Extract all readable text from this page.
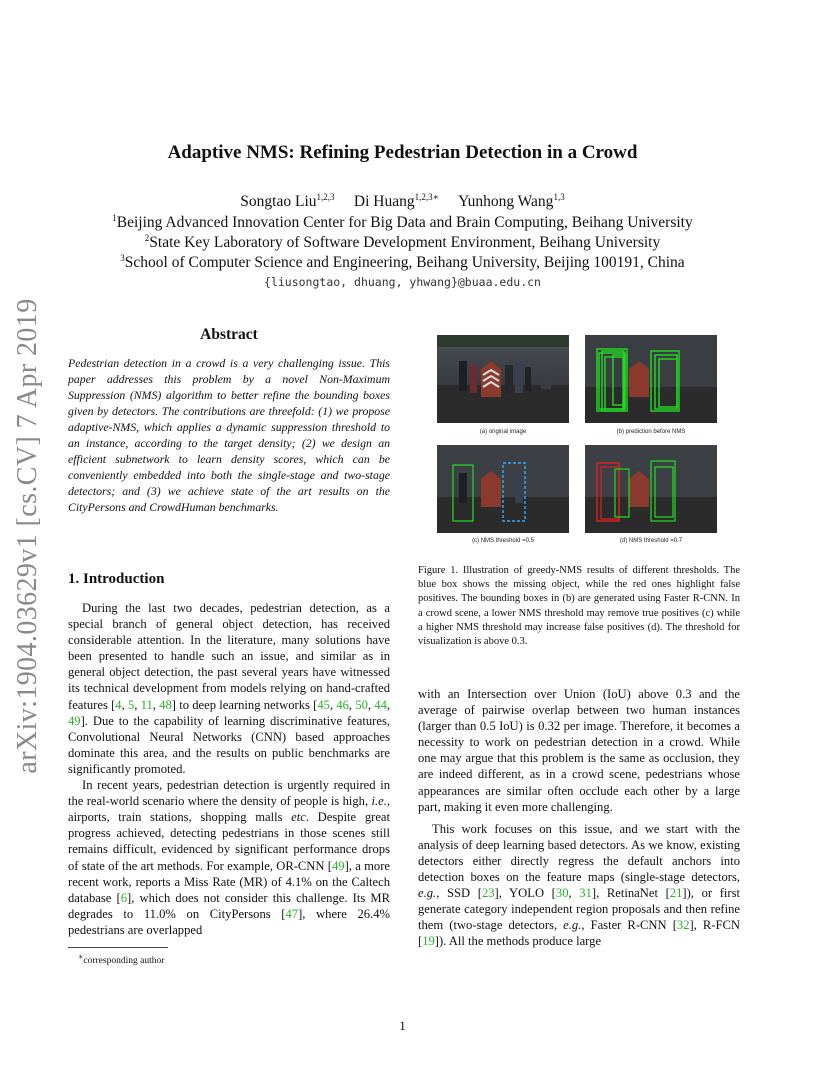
arXiv:1904.03629v1 [cs.CV] 7 Apr 2019
Adaptive NMS: Refining Pedestrian Detection in a Crowd
Songtao Liu$^{1,2,3}$ Di Huang$^{1,2,3∗}$ Yunhong Wang$^{1,3}$
$^1$Beijing Advanced Innovation Center for Big Data and Brain Computing, Beihang University
$^2$State Key Laboratory of Software Development Environment, Beihang University
$^3$School of Computer Science and Engineering, Beihang University, Beijing 100191, China
{liusongtao, dhuang, yhwang}@buaa.edu.cn
Abstract
Pedestrian detection in a crowd is a very challenging issue. This paper addresses this problem by a novel Non-Maximum Suppression (NMS) algorithm to better refine the bounding boxes given by detectors. The contributions are threefold: (1) we propose adaptive-NMS, which applies a dynamic suppression threshold to an instance, according to the target density; (2) we design an efficient subnetwork to learn density scores, which can be conveniently embedded into both the single-stage and two-stage detectors; and (3) we achieve state of the art results on the CityPersons and CrowdHuman benchmarks.
1. Introduction

During the last two decades, pedestrian detection, as a special branch of general object detection, has received considerable attention. In the literature, many solutions have been presented to handle such an issue, and similar as in general object detection, the past several years have witnessed its technical development from models relying on hand-crafted features [4, 5, 11, 48] to deep learning networks [45, 46, 50, 44, 49]. Due to the capability of learning discriminative features, Convolutional Neural Networks (CNN) based approaches dominate this area, and the results on public benchmarks are significantly promoted.

In recent years, pedestrian detection is urgently required in the real-world scenario where the density of people is high, i.e., airports, train stations, shopping malls etc. Despite great progress achieved, detecting pedestrians in those scenes still remains difficult, evidenced by significant performance drops of state of the art methods. For example, OR-CNN [49], a more recent work, reports a Miss Rate (MR) of 4.1% on the Caltech database [6], which does not consider this challenge. Its MR degrades to 11.0% on CityPersons [47], where 26.4% pedestrians are overlapped

∗corresponding author
(a) original image	(b) prediction before NMS
(c) NMS threshold =0.5	(d) NMS threshold =0.7
Figure 1. Illustration of greedy-NMS results of different thresholds. The blue box shows the missing object, while the red ones highlight false positives. The bounding boxes in (b) are generated using Faster R-CNN. In a crowd scene, a lower NMS threshold may remove true positives (c) while a higher NMS threshold may increase false positives (d). The threshold for visualization is above 0.3.

with an Intersection over Union (IoU) above 0.3 and the average of pairwise overlap between two human instances (larger than 0.5 IoU) is 0.32 per image. Therefore, it becomes a necessity to work on pedestrian detection in a crowd. While one may argue that this problem is the same as occlusion, they are indeed different, as in a crowd scene, pedestrians whose appearances are similar often occlude each other by a large part, making it even more challenging.

This work focuses on this issue, and we start with the analysis of deep learning based detectors. As we know, existing detectors either directly regress the default anchors into detection boxes on the feature maps (single-stage detectors, e.g., SSD [23], YOLO [30, 31], RetinaNet [21]), or first generate category independent region proposals and then refine them (two-stage detectors, e.g., Faster R-CNN [32], R-FCN [19]). All the methods produce large

1
